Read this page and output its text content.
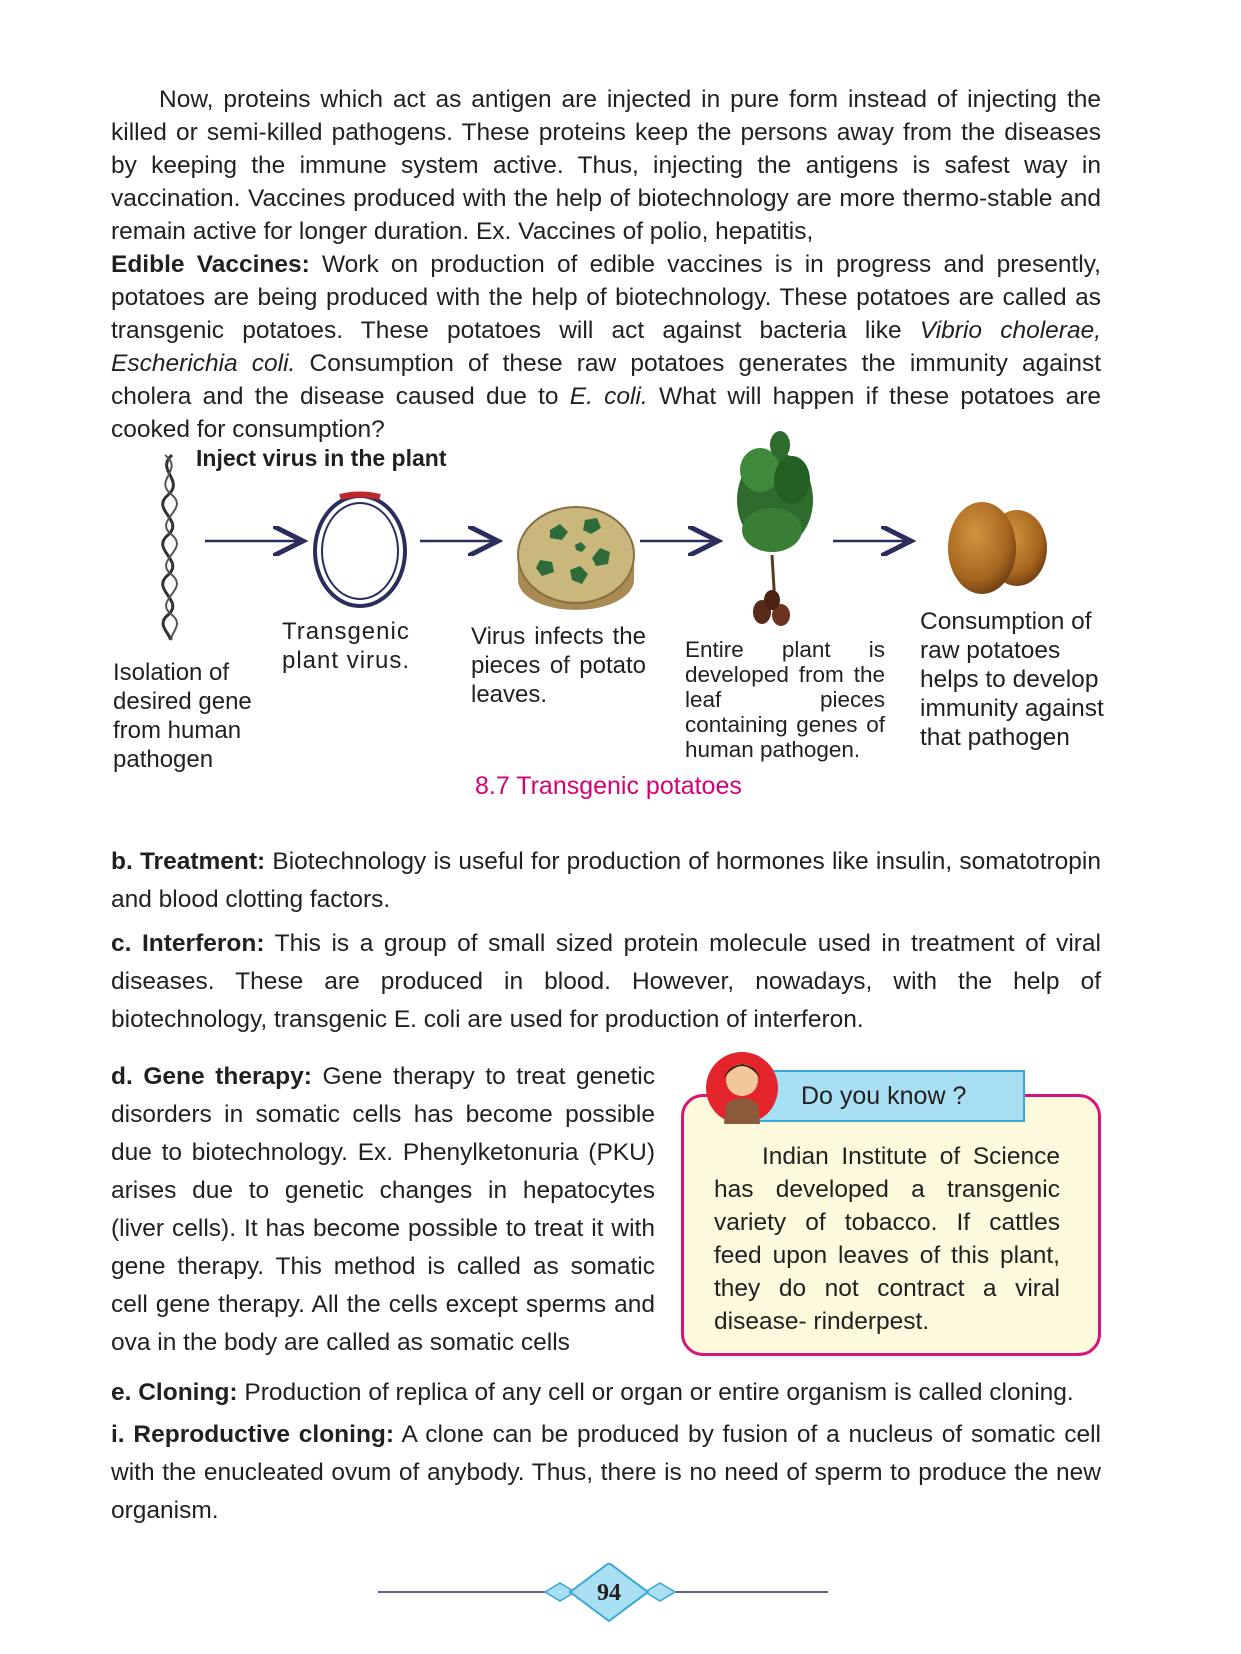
Now, proteins which act as antigen are injected in pure form instead of injecting the killed or semi-killed pathogens. These proteins keep the persons away from the diseases by keeping the immune system active. Thus, injecting the antigens is safest way in vaccination. Vaccines produced with the help of biotechnology are more thermo-stable and remain active for longer duration. Ex. Vaccines of polio, hepatitis,

Edible Vaccines: Work on production of edible vaccines is in progress and presently, potatoes are being produced with the help of biotechnology. These potatoes are called as transgenic potatoes. These potatoes will act against bacteria like Vibrio cholerae, Escherichia coli. Consumption of these raw potatoes generates the immunity against cholera and the disease caused due to E. coli. What will happen if these potatoes are cooked for consumption?

Inject virus in the plant
Isolation of desired gene from human pathogen
Transgenic plant virus.
Virus infects the pieces of potato leaves.
Entire plant is developed from the leaf pieces containing genes of human pathogen.
Consumption of raw potatoes helps to develop immunity against that pathogen
8.7 Transgenic potatoes

b. Treatment: Biotechnology is useful for production of hormones like insulin, somatotropin and blood clotting factors.

c. Interferon: This is a group of small sized protein molecule used in treatment of viral diseases. These are produced in blood. However, nowadays, with the help of biotechnology, transgenic E. coli are used for production of interferon.

d. Gene therapy: Gene therapy to treat genetic disorders in somatic cells has become possible due to biotechnology. Ex. Phenylketonuria (PKU) arises due to genetic changes in hepatocytes (liver cells). It has become possible to treat it with gene therapy. This method is called as somatic cell gene therapy. All the cells except sperms and ova in the body are called as somatic cells
Do you know ?
Indian Institute of Science has developed a transgenic variety of tobacco. If cattles feed upon leaves of this plant, they do not contract a viral disease- rinderpest.

e. Cloning: Production of replica of any cell or organ or entire organism is called cloning.

i. Reproductive cloning: A clone can be produced by fusion of a nucleus of somatic cell with the enucleated ovum of anybody. Thus, there is no need of sperm to produce the new organism.

94
